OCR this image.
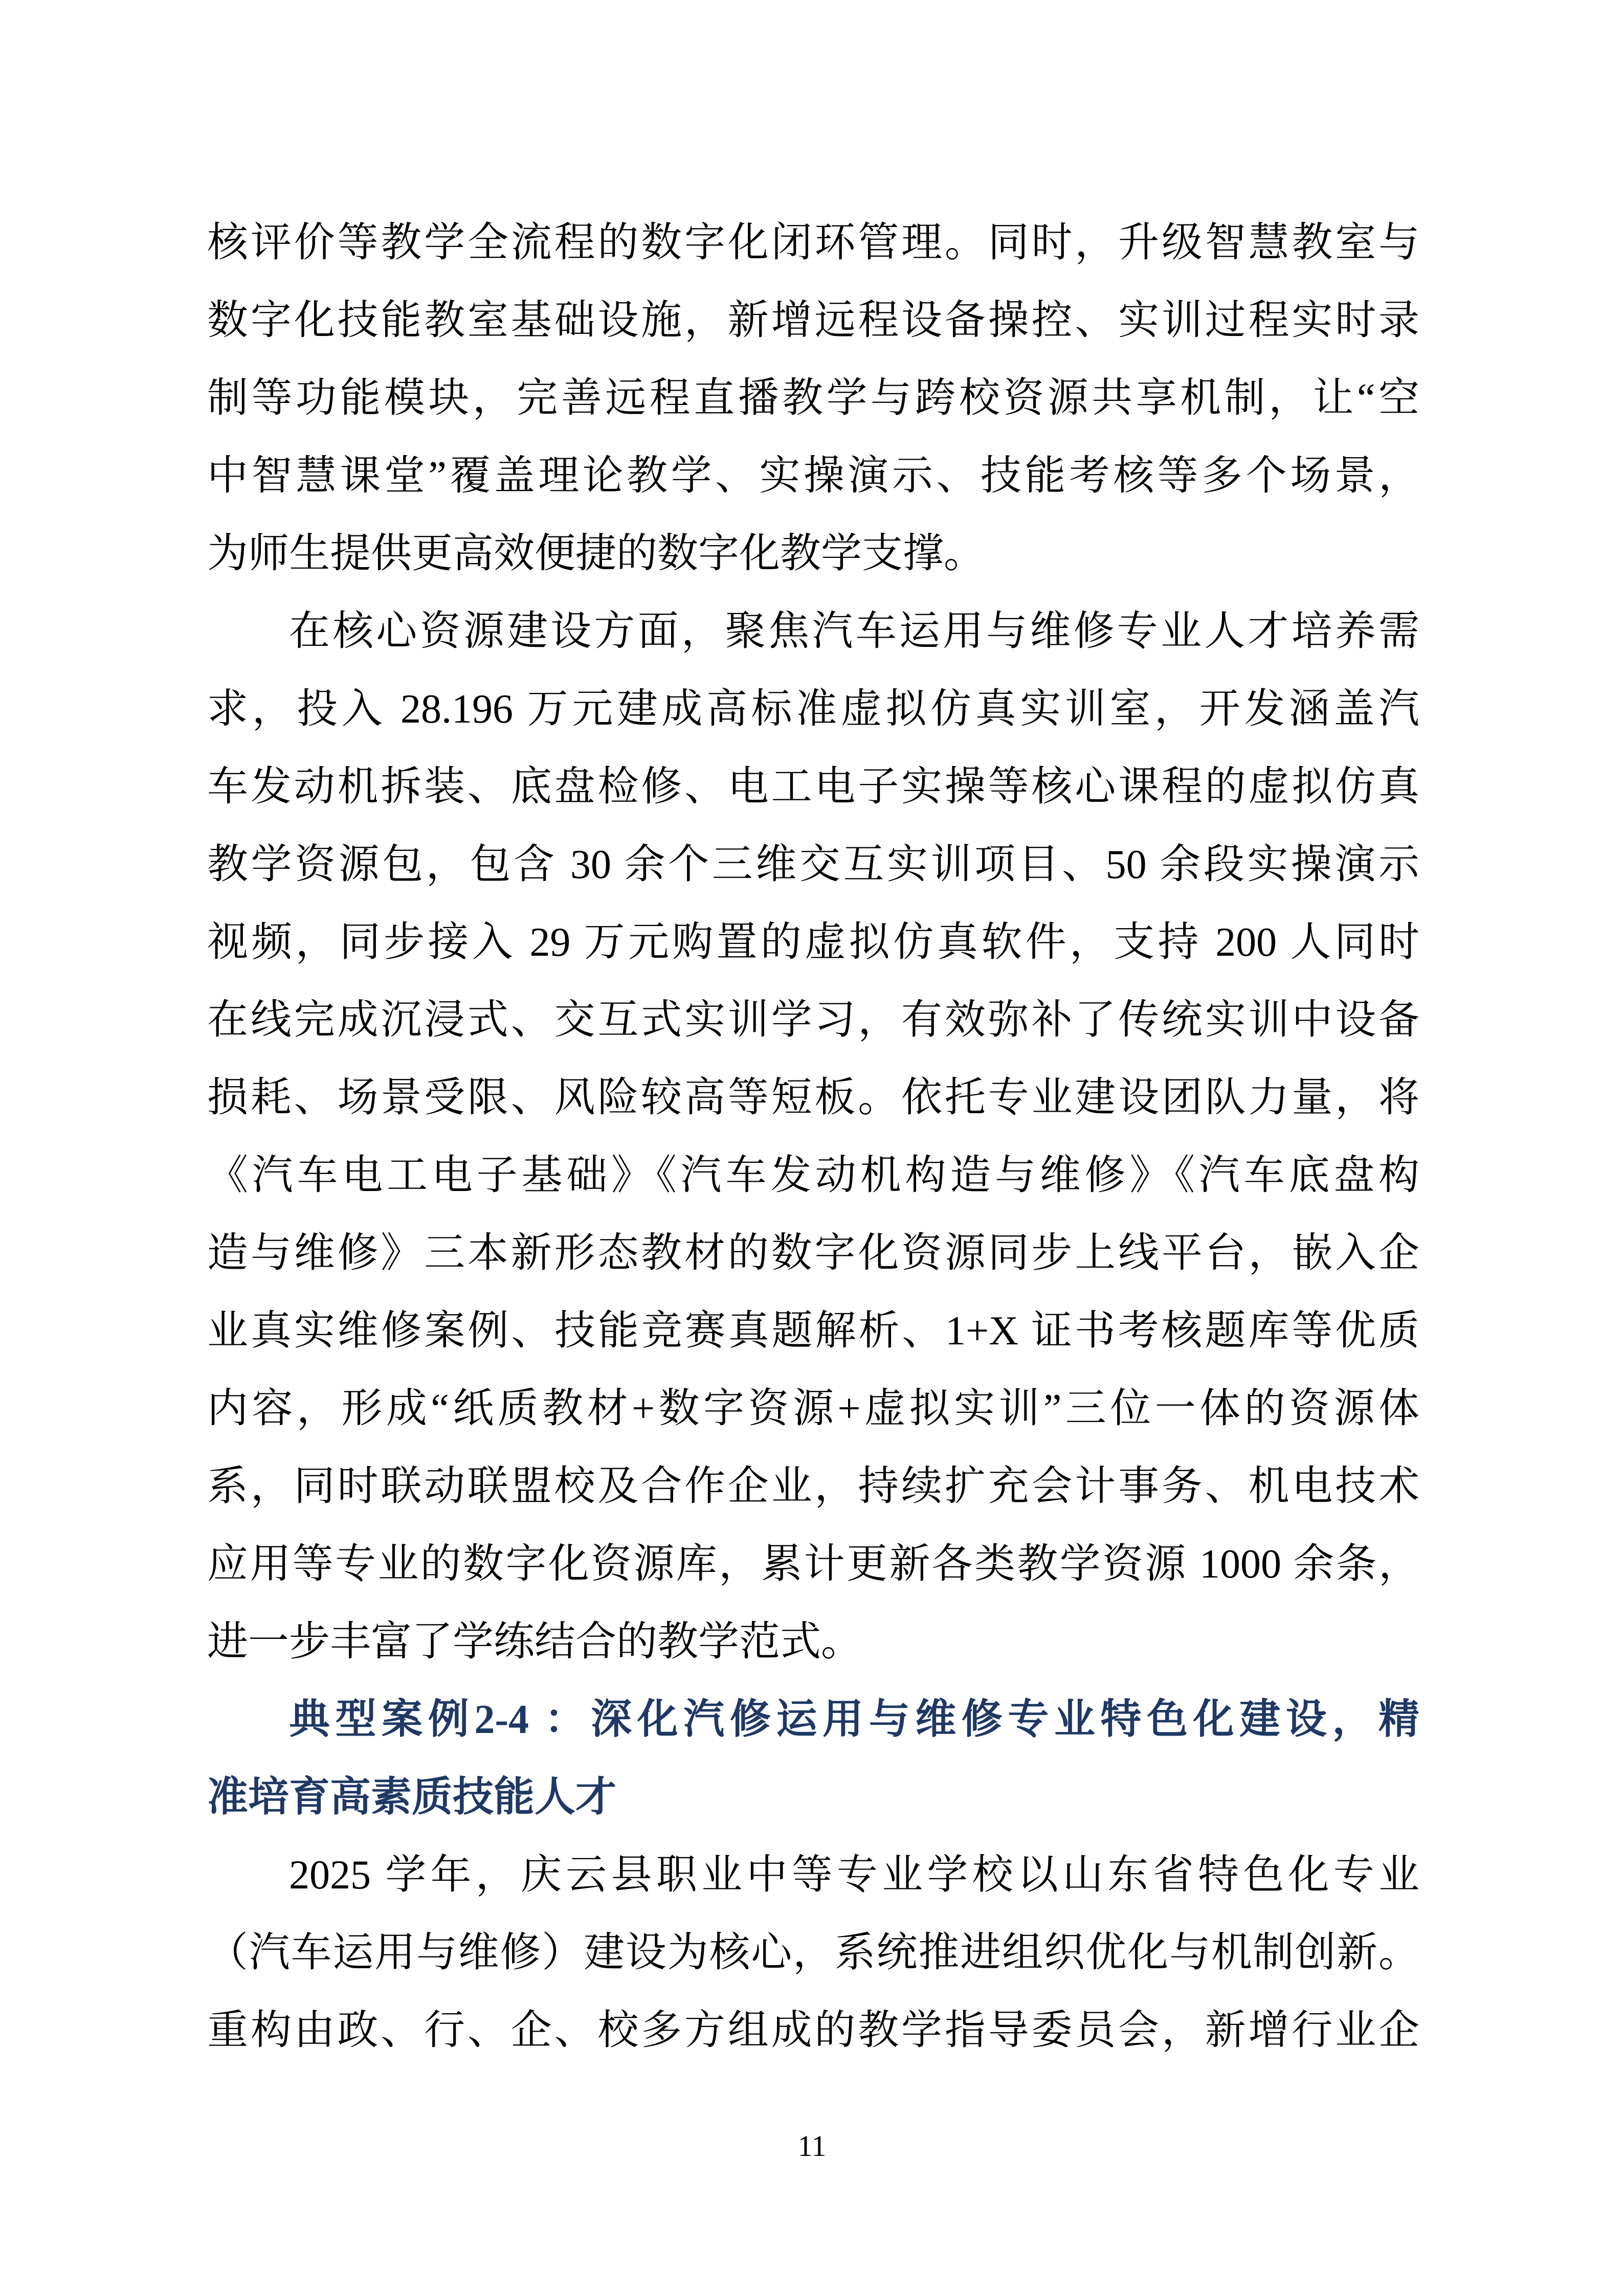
核评价等教学全流程的数字化闭环管理。同时，升级智慧教室与
数字化技能教室基础设施，新增远程设备操控、实训过程实时录
制等功能模块，完善远程直播教学与跨校资源共享机制，让“空
中智慧课堂”覆盖理论教学、实操演示、技能考核等多个场景，
为师生提供更高效便捷的数字化教学支撑。
在核心资源建设方面，聚焦汽车运用与维修专业人才培养需
求，投入 28.196 万元建成高标准虚拟仿真实训室，开发涵盖汽
车发动机拆装、底盘检修、电工电子实操等核心课程的虚拟仿真
教学资源包，包含 30 余个三维交互实训项目、50 余段实操演示
视频，同步接入 29 万元购置的虚拟仿真软件，支持 200 人同时
在线完成沉浸式、交互式实训学习，有效弥补了传统实训中设备
损耗、场景受限、风险较高等短板。依托专业建设团队力量，将
《汽车电工电子基础》《汽车发动机构造与维修》《汽车底盘构
造与维修》三本新形态教材的数字化资源同步上线平台，嵌入企
业真实维修案例、技能竞赛真题解析、1+X 证书考核题库等优质
内容，形成“纸质教材+数字资源+虚拟实训”三位一体的资源体
系，同时联动联盟校及合作企业，持续扩充会计事务、机电技术
应用等专业的数字化资源库，累计更新各类教学资源 1000 余条，
进一步丰富了学练结合的教学范式。
典型案例2-4 ：深化汽修运用与维修专业特色化建设，精
准培育高素质技能人才
2025 学年，庆云县职业中等专业学校以山东省特色化专业
（汽车运用与维修）建设为核心，系统推进组织优化与机制创新。
重构由政、行、企、校多方组成的教学指导委员会，新增行业企
11
